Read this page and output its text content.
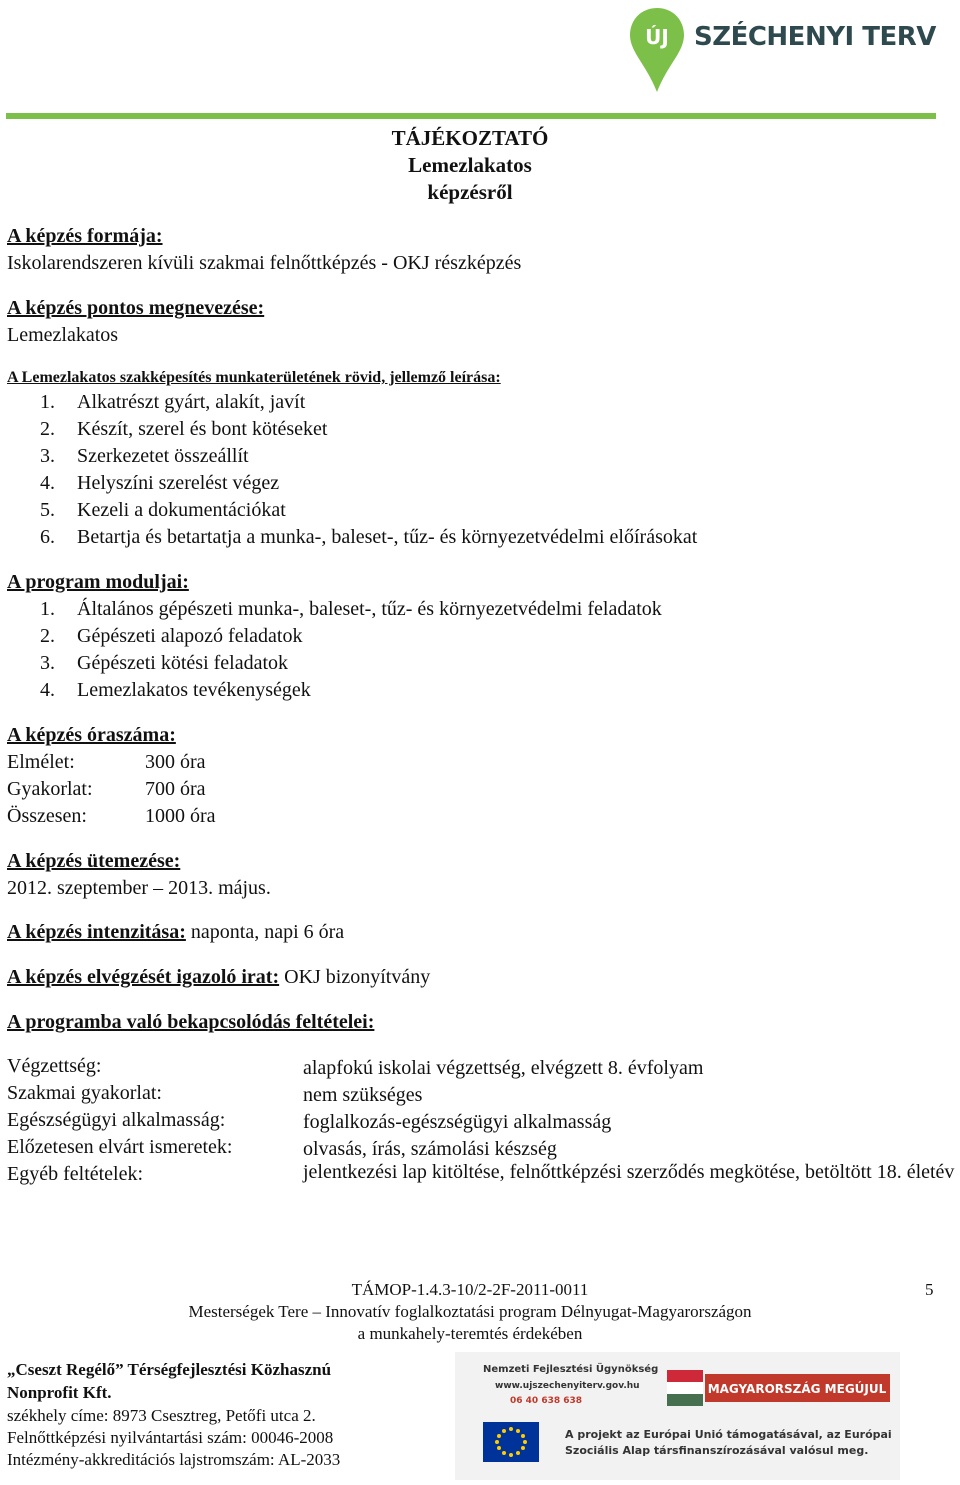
ÚJ SZÉCHENYI TERV
TÁJÉKOZTATÓ
Lemezlakatos
képzésről
A képzés formája:
Iskolarendszeren kívüli szakmai felnőttképzés - OKJ részképzés
A képzés pontos megnevezése:
Lemezlakatos
A Lemezlakatos szakképesítés munkaterületének rövid, jellemző leírása:
1. Alkatrészt gyárt, alakít, javít
2. Készít, szerel és bont kötéseket
3. Szerkezetet összeállít
4. Helyszíni szerelést végez
5. Kezeli a dokumentációkat
6. Betartja és betartatja a munka-, baleset-, tűz- és környezetvédelmi előírásokat
A program moduljai:
1. Általános gépészeti munka-, baleset-, tűz- és környezetvédelmi feladatok
2. Gépészeti alapozó feladatok
3. Gépészeti kötési feladatok
4. Lemezlakatos tevékenységek
A képzés óraszáma:
Elmélet:	300 óra
Gyakorlat:	700 óra
Összesen:	1000 óra
A képzés ütemezése:
2012. szeptember – 2013. május.
A képzés intenzitása: naponta, napi 6 óra
A képzés elvégzését igazoló irat: OKJ bizonyítvány
A programba való bekapcsolódás feltételei:
Végzettség:	alapfokú iskolai végzettség, elvégzett 8. évfolyam
Szakmai gyakorlat:	nem szükséges
Egészségügyi alkalmasság:	foglalkozás-egészségügyi alkalmasság
Előzetesen elvárt ismeretek:	olvasás, írás, számolási készség
Egyéb feltételek:	jelentkezési lap kitöltése, felnőttképzési szerződés megkötése, betöltött 18. életév
TÁMOP-1.4.3-10/2-2F-2011-0011
Mesterségek Tere – Innovatív foglalkoztatási program Délnyugat-Magyarországon
a munkahely-teremtés érdekében
5
„Cseszt Regélő” Térségfejlesztési Közhasznú
Nonprofit Kft.
székhely címe: 8973 Csesztreg, Petőfi utca 2.
Felnőttképzési nyilvántartási szám: 00046-2008
Intézmény-akkreditációs lajstromszám: AL-2033
Nemzeti Fejlesztési Ügynökség
www.ujszechenyiterv.gov.hu
06 40 638 638
MAGYARORSZÁG MEGÚJUL
A projekt az Európai Unió támogatásával, az Európai
Szociális Alap társfinanszírozásával valósul meg.
